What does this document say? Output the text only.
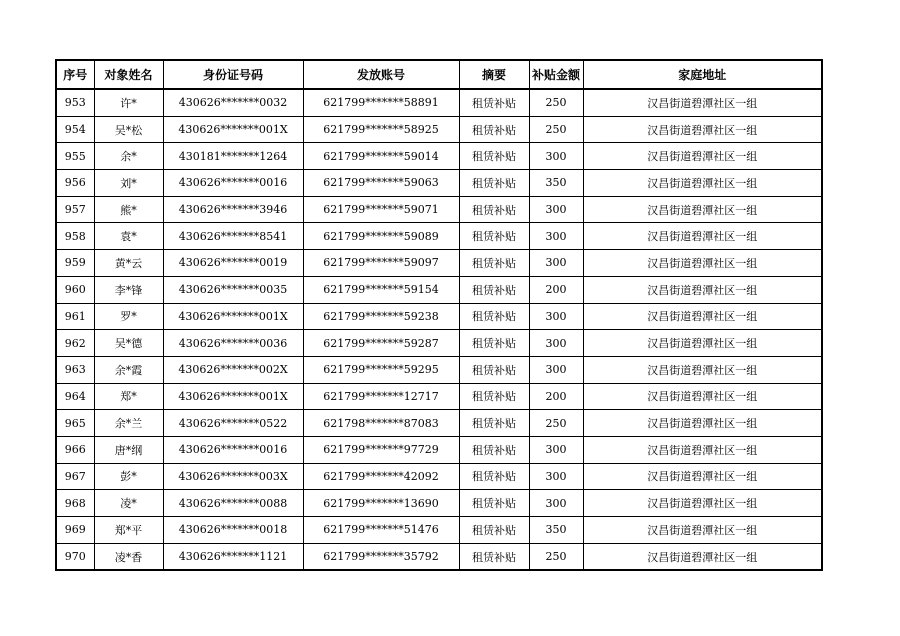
序号	对象姓名	身份证号码	发放账号	摘要	补贴金额	家庭地址
953	许*	430626*******0032	621799*******58891	租赁补贴	250	汉昌街道碧潭社区一组
954	吴*松	430626*******001X	621799*******58925	租赁补贴	250	汉昌街道碧潭社区一组
955	余*	430181*******1264	621799*******59014	租赁补贴	300	汉昌街道碧潭社区一组
956	刘*	430626*******0016	621799*******59063	租赁补贴	350	汉昌街道碧潭社区一组
957	熊*	430626*******3946	621799*******59071	租赁补贴	300	汉昌街道碧潭社区一组
958	袁*	430626*******8541	621799*******59089	租赁补贴	300	汉昌街道碧潭社区一组
959	黄*云	430626*******0019	621799*******59097	租赁补贴	300	汉昌街道碧潭社区一组
960	李*锋	430626*******0035	621799*******59154	租赁补贴	200	汉昌街道碧潭社区一组
961	罗*	430626*******001X	621799*******59238	租赁补贴	300	汉昌街道碧潭社区一组
962	吴*德	430626*******0036	621799*******59287	租赁补贴	300	汉昌街道碧潭社区一组
963	余*霞	430626*******002X	621799*******59295	租赁补贴	300	汉昌街道碧潭社区一组
964	郑*	430626*******001X	621799*******12717	租赁补贴	200	汉昌街道碧潭社区一组
965	余*兰	430626*******0522	621798*******87083	租赁补贴	250	汉昌街道碧潭社区一组
966	唐*纲	430626*******0016	621799*******97729	租赁补贴	300	汉昌街道碧潭社区一组
967	彭*	430626*******003X	621799*******42092	租赁补贴	300	汉昌街道碧潭社区一组
968	凌*	430626*******0088	621799*******13690	租赁补贴	300	汉昌街道碧潭社区一组
969	郑*平	430626*******0018	621799*******51476	租赁补贴	350	汉昌街道碧潭社区一组
970	凌*香	430626*******1121	621799*******35792	租赁补贴	250	汉昌街道碧潭社区一组
